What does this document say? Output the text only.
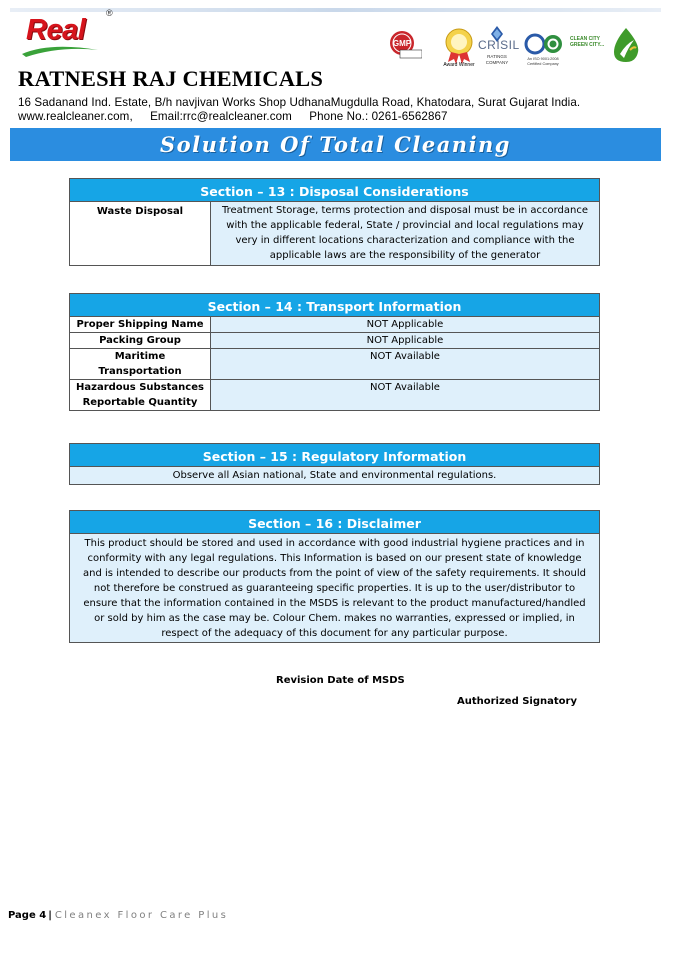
Real
®
GMP
Award Winner
CRISIL
RATINGS COMPANY
An ISO 9001:2008 Certified Company
CLEAN CITY GREEN CITY...
RATNESH RAJ CHEMICALS
16 Sadanand Ind. Estate, B/h navjivan Works Shop UdhanaMugdulla Road, Khatodara, Surat Gujarat India.
www.realcleaner.com, Email:rrc@realcleaner.com Phone No.: 0261-6562867
Solution Of Total Cleaning
Section – 13 : Disposal Considerations
Waste Disposal	Treatment Storage, terms protection and disposal must be in accordance with the applicable federal, State / provincial and local regulations may very in different locations characterization and compliance with the applicable laws are the responsibility of the generator
Section – 14 : Transport Information	
Proper Shipping Name	NOT Applicable
Packing Group	NOT Applicable
Maritime Transportation	NOT Available
Hazardous Substances Reportable Quantity	NOT Available
Section – 15 : Regulatory Information
Observe all Asian national, State and environmental regulations.
Section – 16 : Disclaimer
This product should be stored and used in accordance with good industrial hygiene practices and in conformity with any legal regulations. This Information is based on our present state of knowledge and is intended to describe our products from the point of view of the safety requirements. It should not therefore be construed as guaranteeing specific properties. It is up to the user/distributor to ensure that the information contained in the MSDS is relevant to the product manufactured/handled or sold by him as the case may be. Colour Chem. makes no warranties, expressed or implied, in respect of the adequacy of this document for any particular purpose.
Revision Date of MSDS
Authorized Signatory
Page 4 | Cleanex Floor Care Plus
